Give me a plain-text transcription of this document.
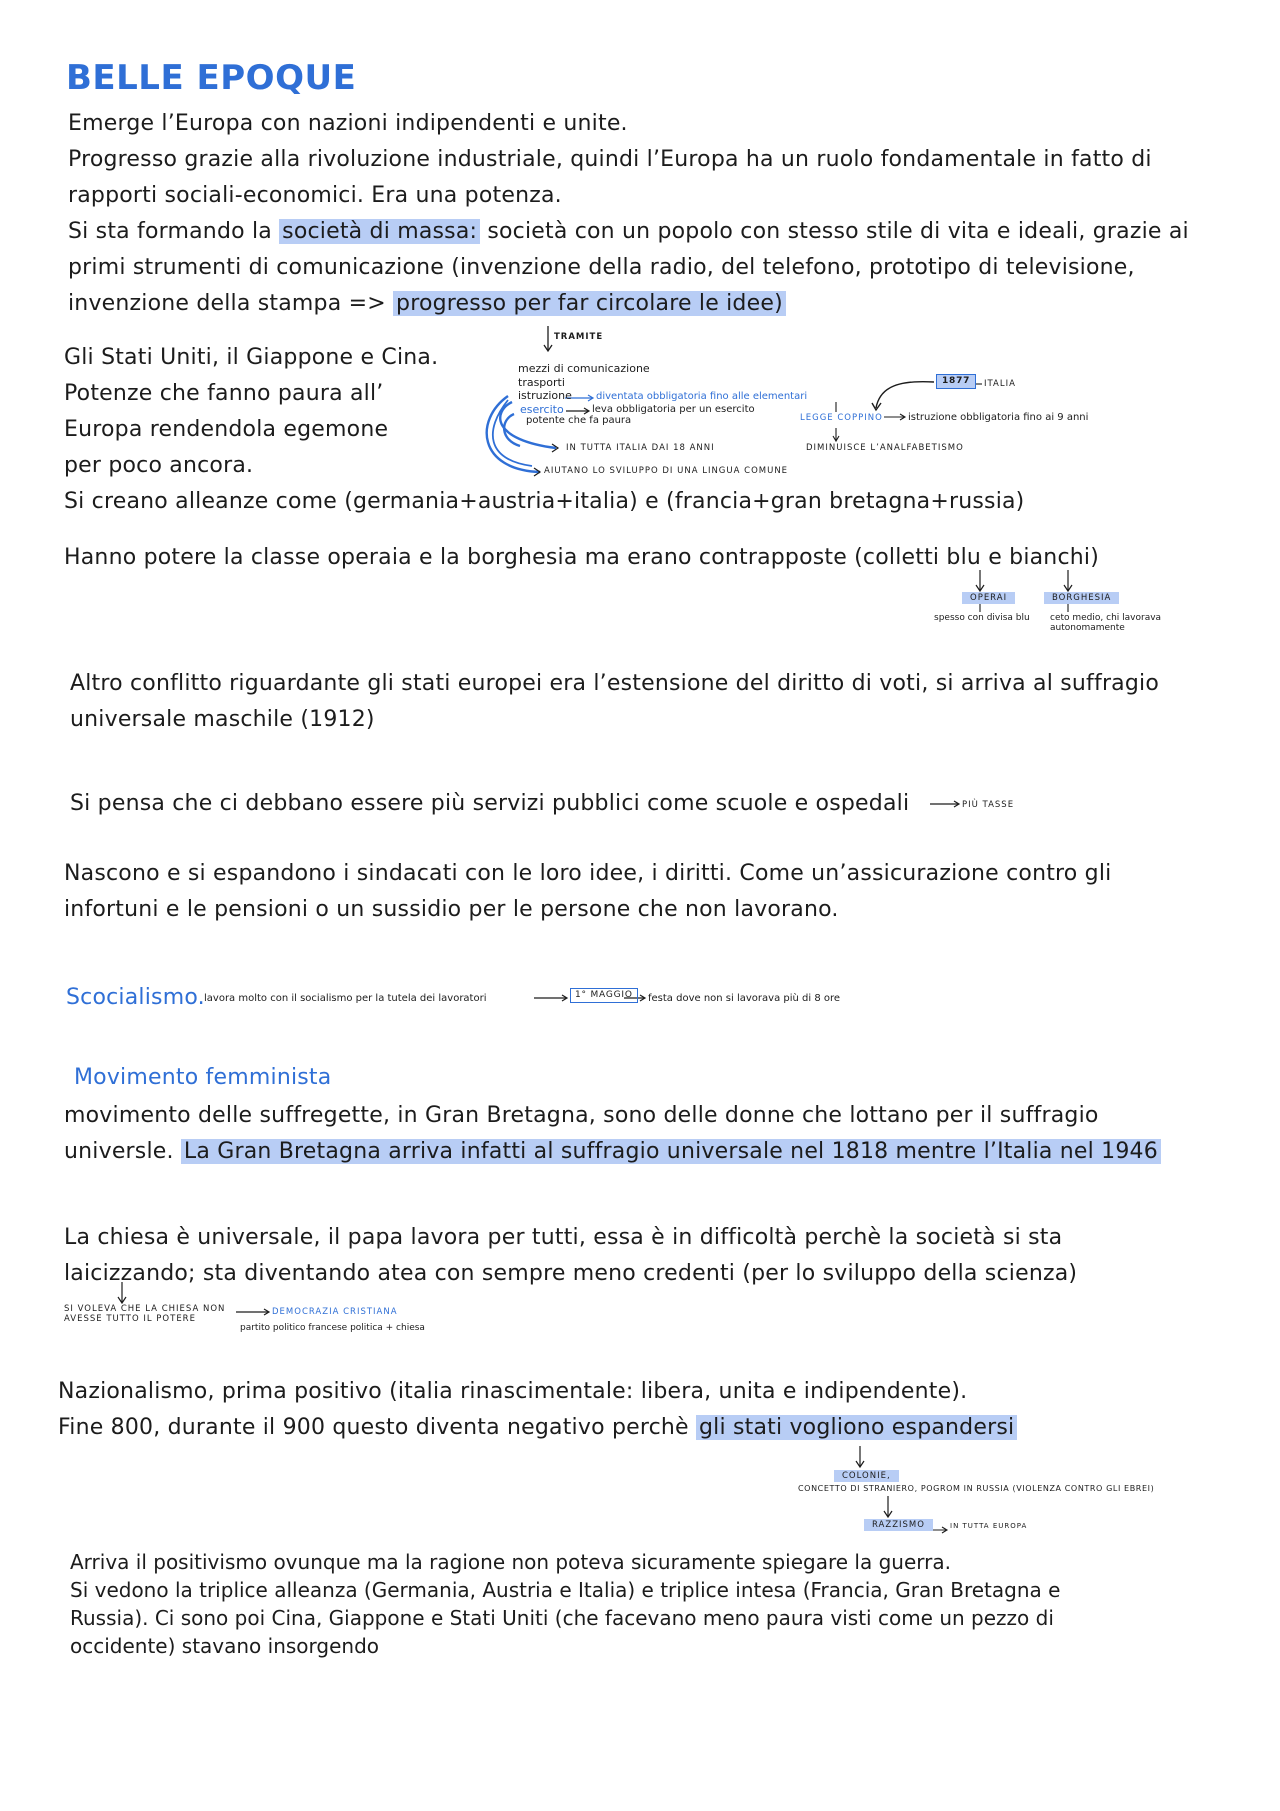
BELLE EPOQUE
Emerge l’Europa con nazioni indipendenti e unite.
Progresso grazie alla rivoluzione industriale, quindi l’Europa ha un ruolo fondamentale in fatto di
rapporti sociali-economici. Era una potenza.
Si sta formando la società di massa: società con un popolo con stesso stile di vita e ideali, grazie ai
primi strumenti di comunicazione (invenzione della radio, del telefono, prototipo di televisione,
invenzione della stampa => progresso per far circolare le idee)
Gli Stati Uniti, il Giappone e Cina.
Potenze che fanno paura all’
Europa rendendola egemone
per poco ancora.
Si creano alleanze come (germania+austria+italia) e (francia+gran bretagna+russia)
TRAMITE
mezzi di comunicazione
trasporti
istruzione diventata obbligatoria fino alle elementari
esercito	leva obbligatoria per un esercito
potente che fa paura
1877	ITALIA
LEGGE COPPINO	istruzione obbligatoria fino ai 9 anni
IN TUTTA ITALIA DAI 18 ANNI	DIMINUISCE L’ANALFABETISMO
AIUTANO LO SVILUPPO DI UNA LINGUA COMUNE
Hanno potere la classe operaia e la borghesia ma erano contrapposte (colletti blu e bianchi)
OPERAI	BORGHESIA
spesso con divisa blu ceto medio, chi lavorava
autonomamente
Altro conflitto riguardante gli stati europei era l’estensione del diritto di voti, si arriva al suffragio
universale maschile (1912)
Si pensa che ci debbano essere più servizi pubblici come scuole e ospedali	PIÙ TASSE
Nascono e si espandono i sindacati con le loro idee, i diritti. Come un’assicurazione contro gli
infortuni e le pensioni o un sussidio per le persone che non lavorano.
Scocialismo. lavora molto con il socialismo per la tutela dei lavoratori	1° MAGGIO	festa dove non si lavorava più di 8 ore
Movimento femminista
movimento delle suffregette, in Gran Bretagna, sono delle donne che lottano per il suffragio
universle. La Gran Bretagna arriva infatti al suffragio universale nel 1818 mentre l’Italia nel 1946
La chiesa è universale, il papa lavora per tutti, essa è in difficoltà perchè la società si sta
laicizzando; sta diventando atea con sempre meno credenti (per lo sviluppo della scienza)
SI VOLEVA CHE LA CHIESA NON
AVESSE TUTTO IL POTERE
DEMOCRAZIA CRISTIANA
partito politico francese politica + chiesa
Nazionalismo, prima positivo (italia rinascimentale: libera, unita e indipendente).
Fine 800, durante il 900 questo diventa negativo perchè gli stati vogliono espandersi
COLONIE,
CONCETTO DI STRANIERO, POGROM IN RUSSIA (VIOLENZA CONTRO GLI EBREI)
RAZZISMO	IN TUTTA EUROPA
Arriva il positivismo ovunque ma la ragione non poteva sicuramente spiegare la guerra.
Si vedono la triplice alleanza (Germania, Austria e Italia) e triplice intesa (Francia, Gran Bretagna e
Russia). Ci sono poi Cina, Giappone e Stati Uniti (che facevano meno paura visti come un pezzo di
occidente) stavano insorgendo
